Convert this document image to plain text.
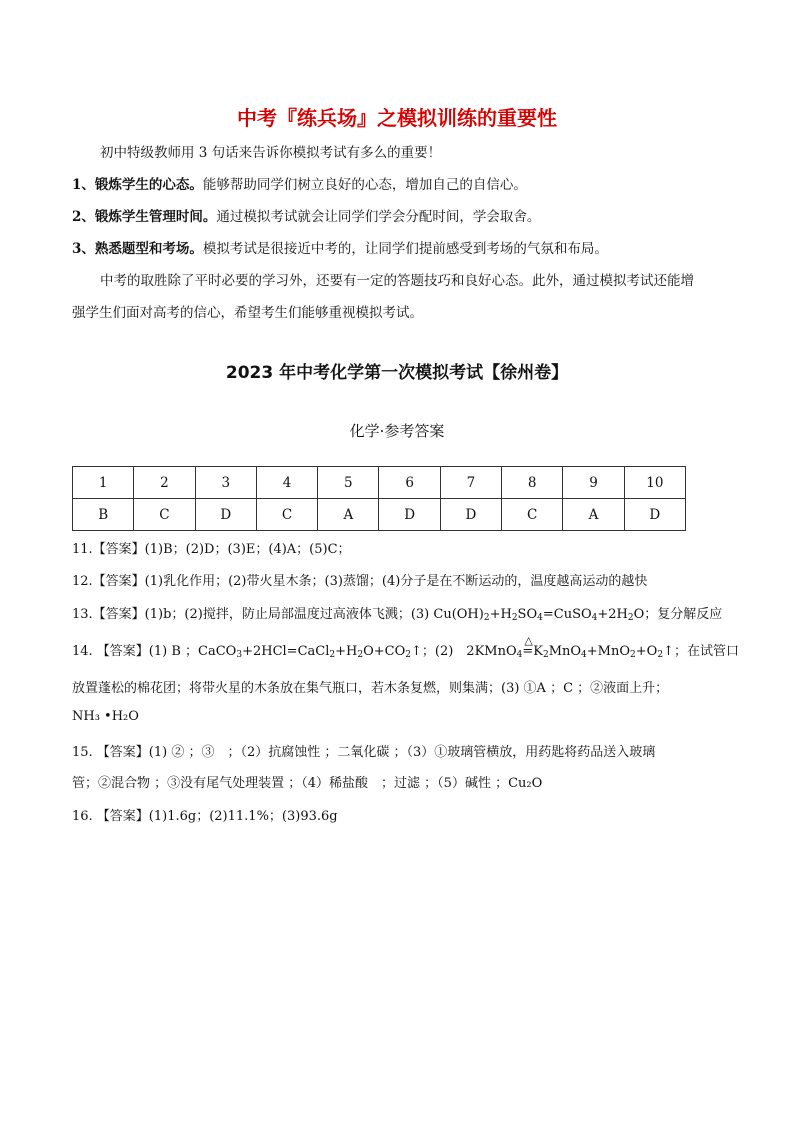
中考『练兵场』之模拟训练的重要性
初中特级教师用 3 句话来告诉你模拟考试有多么的重要！
1、锻炼学生的心态。能够帮助同学们树立良好的心态，增加自己的自信心。
2、锻炼学生管理时间。通过模拟考试就会让同学们学会分配时间，学会取舍。
3、熟悉题型和考场。模拟考试是很接近中考的，让同学们提前感受到考场的气氛和布局。
中考的取胜除了平时必要的学习外，还要有一定的答题技巧和良好心态。此外，通过模拟考试还能增
强学生们面对高考的信心，希望考生们能够重视模拟考试。
2023 年中考化学第一次模拟考试【徐州卷】
化学·参考答案
1	2	3	4	5	6	7	8	9	10
B	C	D	C	A	D	D	C	A	D
11.【答案】(1)B；(2)D；(3)E；(4)A；(5)C；
12.【答案】(1)乳化作用；(2)带火星木条；(3)蒸馏；(4)分子是在不断运动的，温度越高运动的越快
13.【答案】(1)b；(2)搅拌，防止局部温度过高液体飞溅；(3) $Cu(OH)_2+H_2SO_4=CuSO_4+2H_2O$；复分解反应
14. 【答案】(1) B ；$CaCO_3+2HCl=CaCl_2+H_2O+CO_2↑$；(2)　2KMnO$_4$
△
$=K_2MnO_4+MnO_2+O_2↑$；在试管口
放置蓬松的棉花团；将带火星的木条放在集气瓶口，若木条复燃，则集满；(3) ①A ；C ；②液面上升；
NH₃ •H₂O
15. 【答案】(1) ② ；③　；（2）抗腐蚀性 ；二氧化碳 ；（3）①玻璃管横放，用药匙将药品送入玻璃
管；②混合物 ；③没有尾气处理装置 ；（4）稀盐酸　；过滤 ；（5）碱性 ；Cu₂O
16. 【答案】(1)1.6g；(2)11.1%；(3)93.6g
